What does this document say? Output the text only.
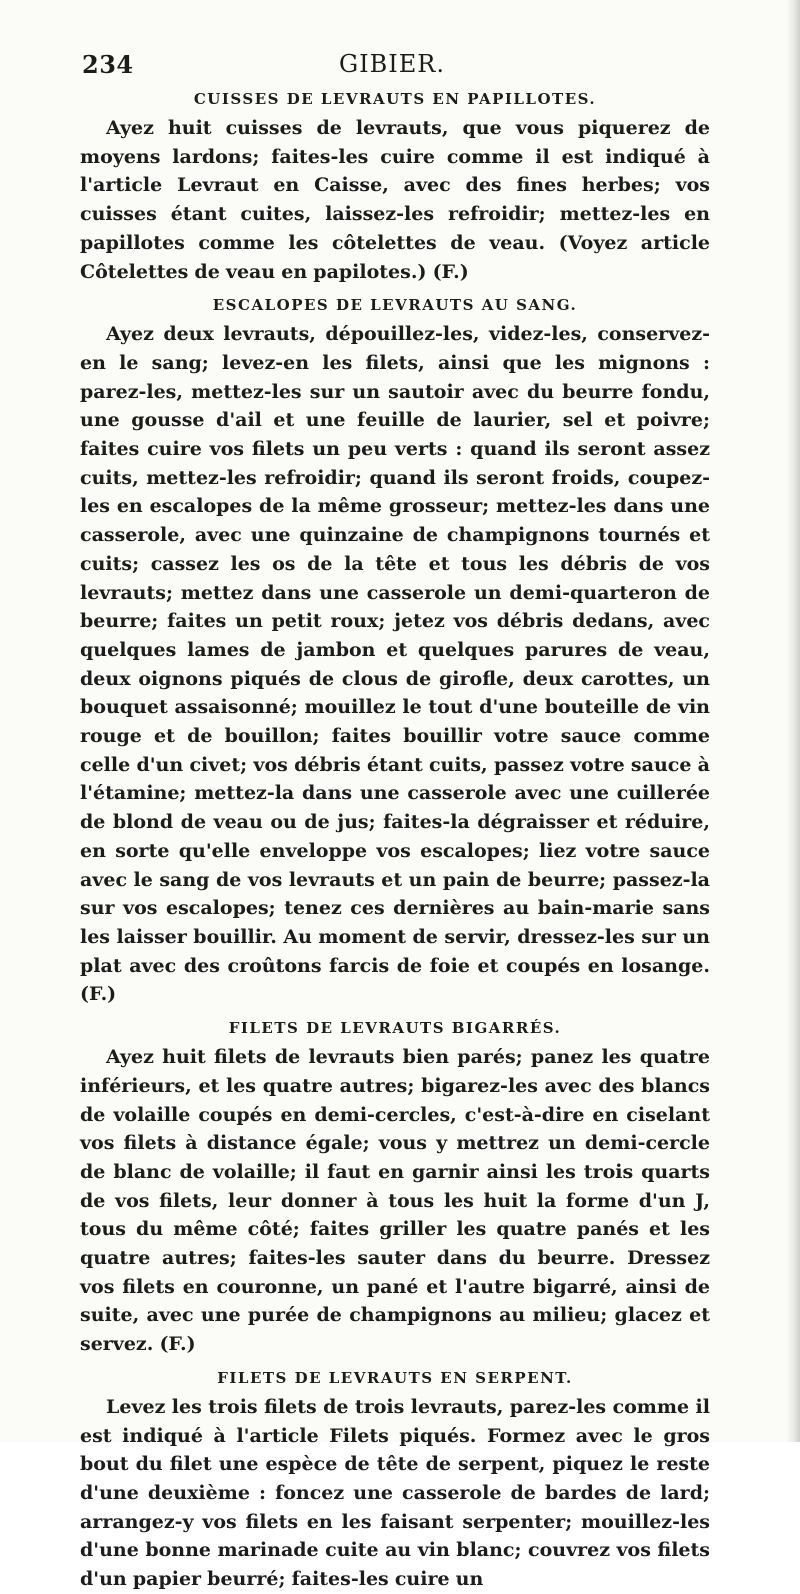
234	GIBIER.
CUISSES DE LEVRAUTS EN PAPILLOTES.

Ayez huit cuisses de levrauts, que vous piquerez de moyens lardons; faites-les cuire comme il est indiqué à l'article Levraut en Caisse, avec des fines herbes; vos cuisses étant cuites, laissez-les refroidir; mettez-les en papillotes comme les côtelettes de veau. (Voyez article Côtelettes de veau en papilotes.) (F.)

ESCALOPES DE LEVRAUTS AU SANG.

Ayez deux levrauts, dépouillez-les, videz-les, conservez-en le sang; levez-en les filets, ainsi que les mignons : parez-les, mettez-les sur un sautoir avec du beurre fondu, une gousse d'ail et une feuille de laurier, sel et poivre; faites cuire vos filets un peu verts : quand ils seront assez cuits, mettez-les refroidir; quand ils seront froids, coupez-les en escalopes de la même grosseur; mettez-les dans une casserole, avec une quinzaine de champignons tournés et cuits; cassez les os de la tête et tous les débris de vos levrauts; mettez dans une casserole un demi-quarteron de beurre; faites un petit roux; jetez vos débris dedans, avec quelques lames de jambon et quelques parures de veau, deux oignons piqués de clous de girofle, deux carottes, un bouquet assaisonné; mouillez le tout d'une bouteille de vin rouge et de bouillon; faites bouillir votre sauce comme celle d'un civet; vos débris étant cuits, passez votre sauce à l'étamine; mettez-la dans une casserole avec une cuillerée de blond de veau ou de jus; faites-la dégraisser et réduire, en sorte qu'elle enveloppe vos escalopes; liez votre sauce avec le sang de vos levrauts et un pain de beurre; passez-la sur vos escalopes; tenez ces dernières au bain-marie sans les laisser bouillir. Au moment de servir, dressez-les sur un plat avec des croûtons farcis de foie et coupés en losange. (F.)

FILETS DE LEVRAUTS BIGARRÉS.

Ayez huit filets de levrauts bien parés; panez les quatre inférieurs, et les quatre autres; bigarez-les avec des blancs de volaille coupés en demi-cercles, c'est-à-dire en ciselant vos filets à distance égale; vous y mettrez un demi-cercle de blanc de volaille; il faut en garnir ainsi les trois quarts de vos filets, leur donner à tous les huit la forme d'un J, tous du même côté; faites griller les quatre panés et les quatre autres; faites-les sauter dans du beurre. Dressez vos filets en couronne, un pané et l'autre bigarré, ainsi de suite, avec une purée de champignons au milieu; glacez et servez. (F.)

FILETS DE LEVRAUTS EN SERPENT.

Levez les trois filets de trois levrauts, parez-les comme il est indiqué à l'article Filets piqués. Formez avec le gros bout du filet une espèce de tête de serpent, piquez le reste d'une deuxième : foncez une casserole de bardes de lard; arrangez-y vos filets en les faisant serpenter; mouillez-les d'une bonne marinade cuite au vin blanc; couvrez vos filets d'un papier beurré; faites-les cuire un
